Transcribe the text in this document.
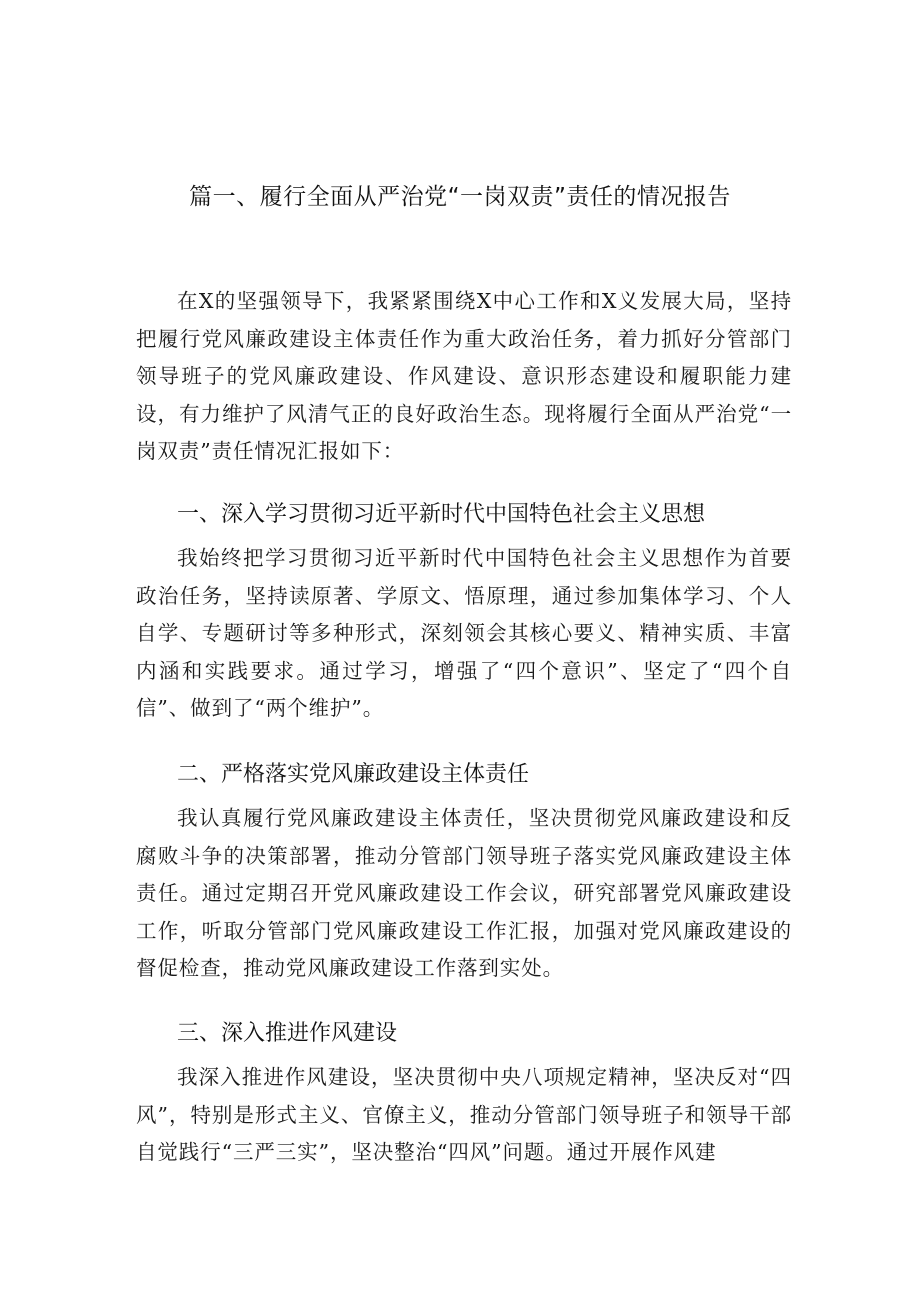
篇一、履行全面从严治党“一岗双责”责任的情况报告

在X的坚强领导下，我紧紧围绕X中心工作和X义发展大局，坚持把履行党风廉政建设主体责任作为重大政治任务，着力抓好分管部门领导班子的党风廉政建设、作风建设、意识形态建设和履职能力建设，有力维护了风清气正的良好政治生态。现将履行全面从严治党“一岗双责”责任情况汇报如下：

一、深入学习贯彻习近平新时代中国特色社会主义思想

我始终把学习贯彻习近平新时代中国特色社会主义思想作为首要政治任务，坚持读原著、学原文、悟原理，通过参加集体学习、个人自学、专题研讨等多种形式，深刻领会其核心要义、精神实质、丰富内涵和实践要求。通过学习，增强了“四个意识”、坚定了“四个自信”、做到了“两个维护”。

二、严格落实党风廉政建设主体责任

我认真履行党风廉政建设主体责任，坚决贯彻党风廉政建设和反腐败斗争的决策部署，推动分管部门领导班子落实党风廉政建设主体责任。通过定期召开党风廉政建设工作会议，研究部署党风廉政建设工作，听取分管部门党风廉政建设工作汇报，加强对党风廉政建设的督促检查，推动党风廉政建设工作落到实处。

三、深入推进作风建设

我深入推进作风建设，坚决贯彻中央八项规定精神，坚决反对“四风”，特别是形式主义、官僚主义，推动分管部门领导班子和领导干部自觉践行“三严三实”，坚决整治“四风”问题。通过开展作风建
